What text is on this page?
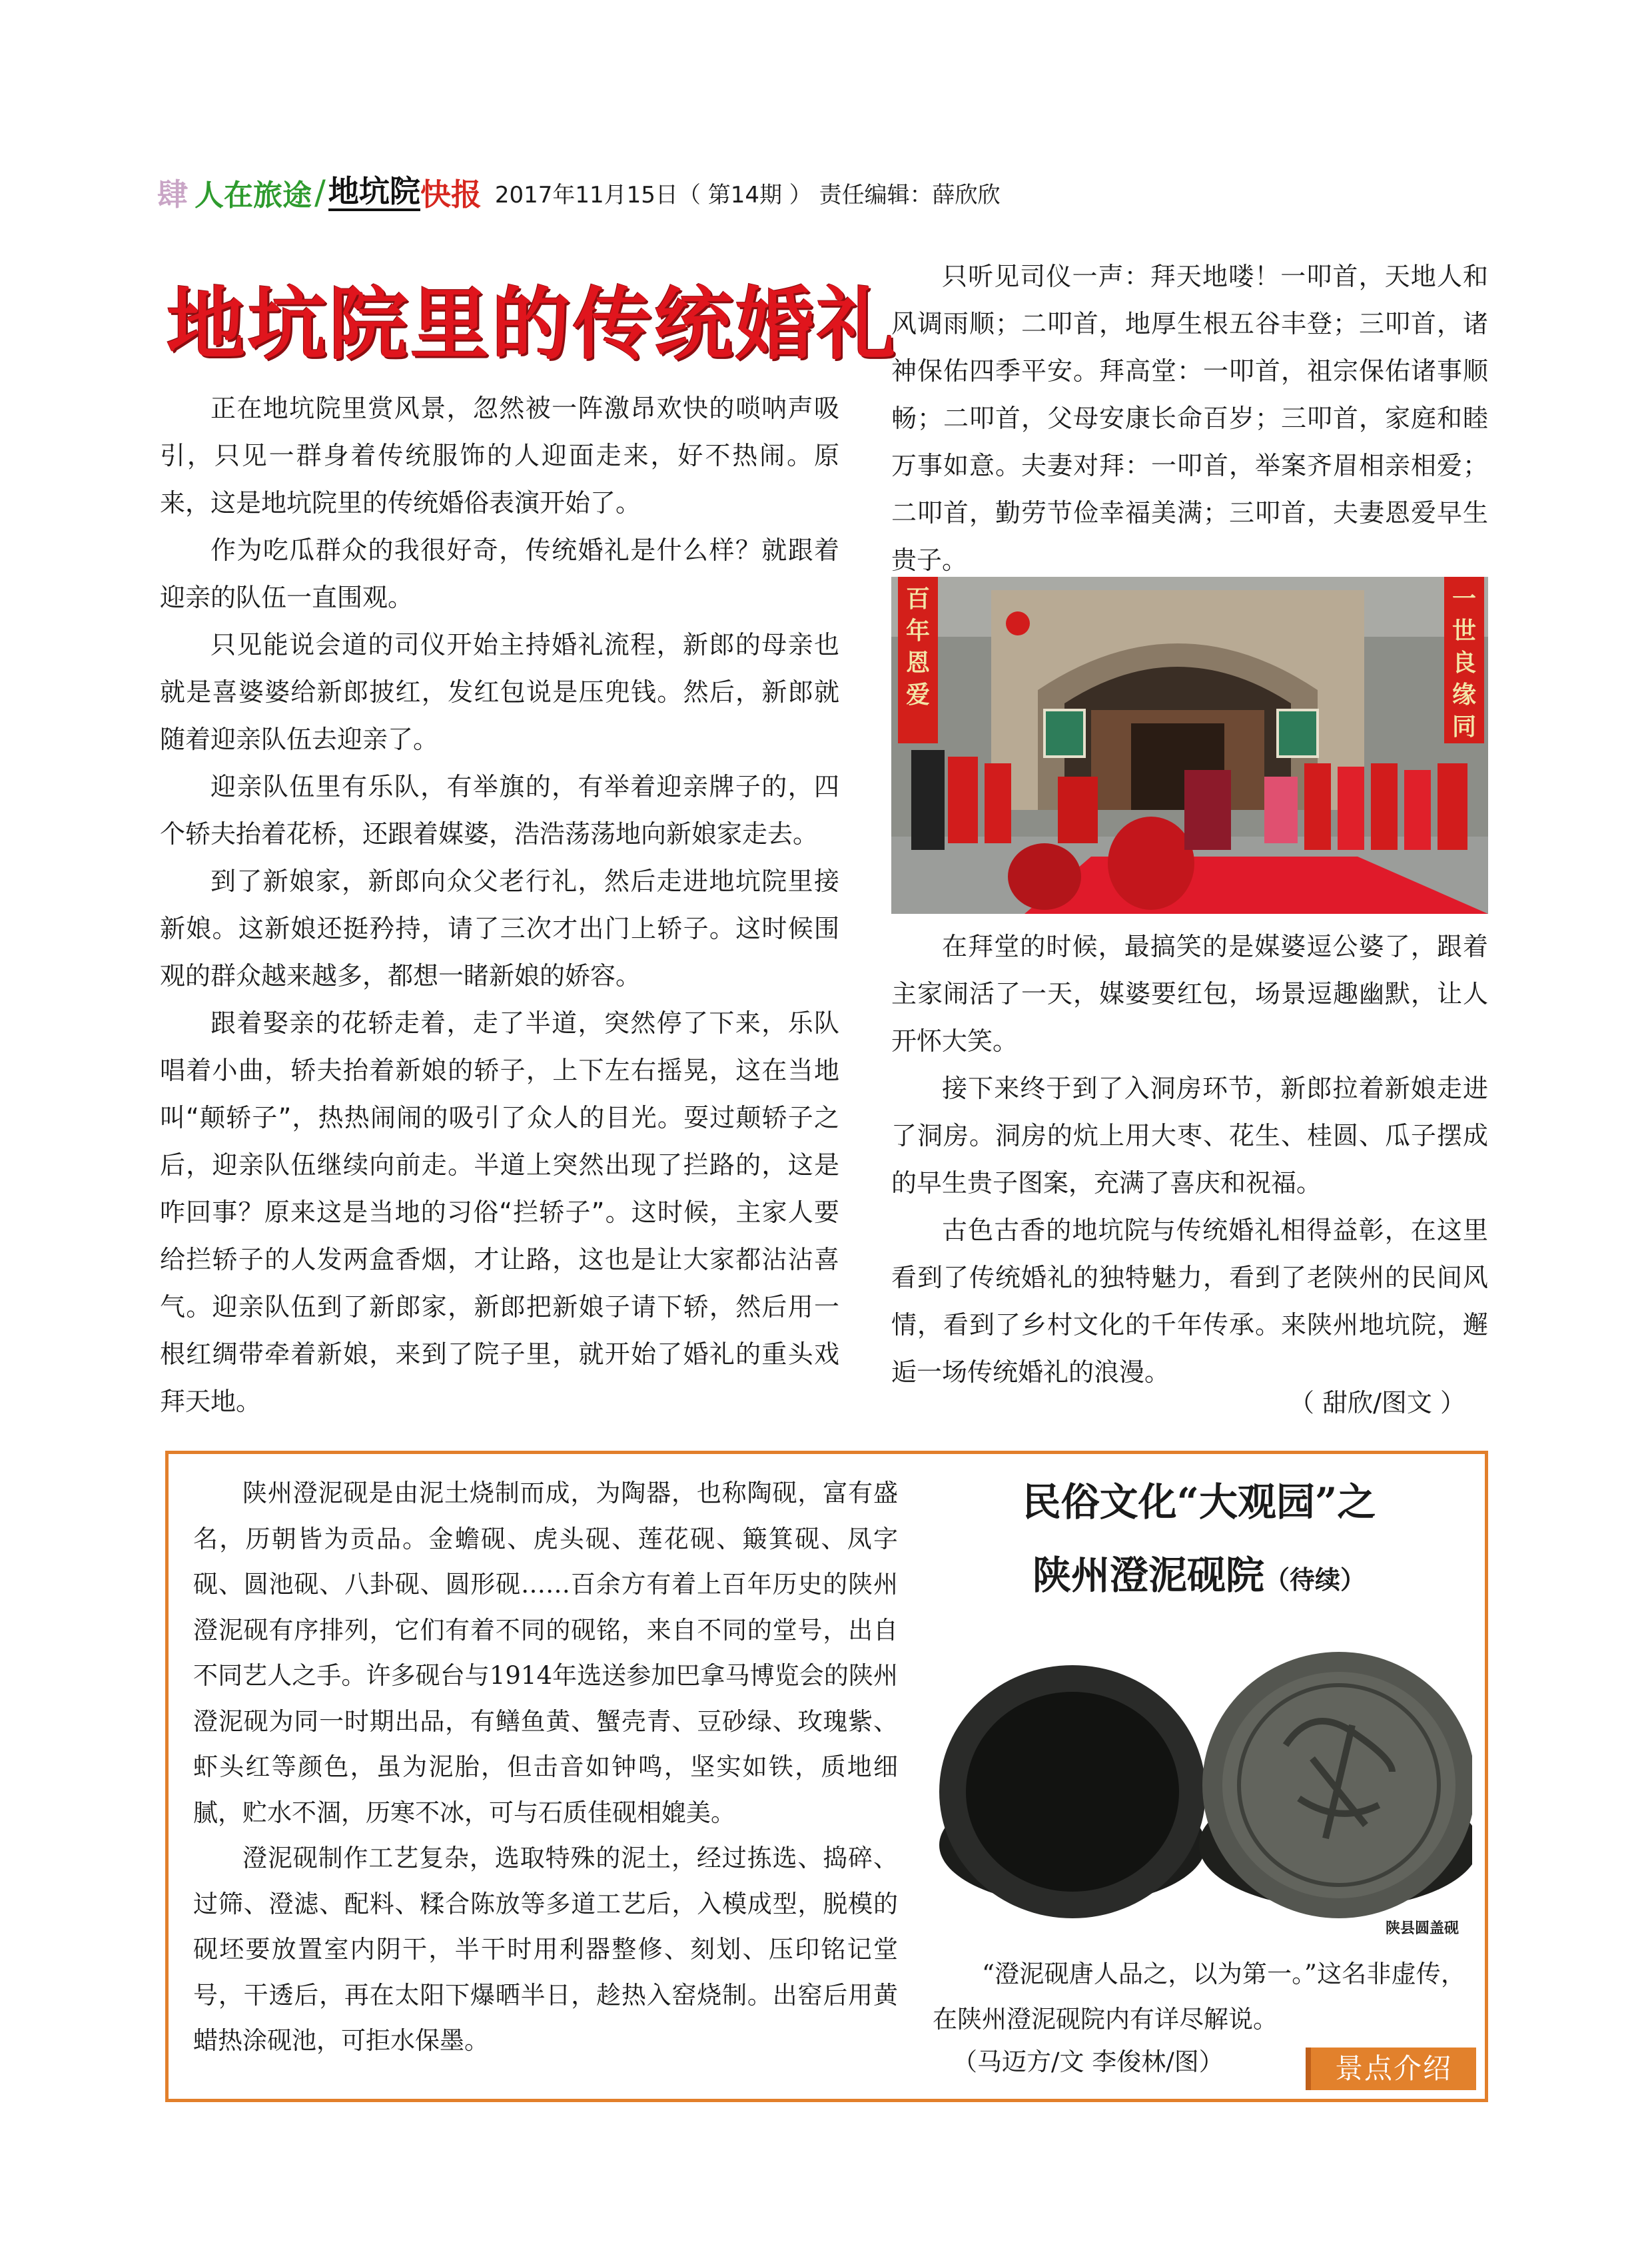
肆 人在旅途 / 地坑院 快报 2017年11月15日（ 第14期 ） 责任编辑：薛欣欣
地坑院里的传统婚礼

正在地坑院里赏风景，忽然被一阵激昂欢快的唢呐声吸引，只见一群身着传统服饰的人迎面走来，好不热闹。原来，这是地坑院里的传统婚俗表演开始了。

作为吃瓜群众的我很好奇，传统婚礼是什么样？就跟着迎亲的队伍一直围观。

只见能说会道的司仪开始主持婚礼流程，新郎的母亲也就是喜婆婆给新郎披红，发红包说是压兜钱。然后，新郎就随着迎亲队伍去迎亲了。

迎亲队伍里有乐队，有举旗的，有举着迎亲牌子的，四个轿夫抬着花桥，还跟着媒婆，浩浩荡荡地向新娘家走去。

到了新娘家，新郎向众父老行礼，然后走进地坑院里接新娘。这新娘还挺矜持，请了三次才出门上轿子。这时候围观的群众越来越多，都想一睹新娘的娇容。

跟着娶亲的花轿走着，走了半道，突然停了下来，乐队唱着小曲，轿夫抬着新娘的轿子，上下左右摇晃，这在当地叫“颠轿子”，热热闹闹的吸引了众人的目光。耍过颠轿子之后，迎亲队伍继续向前走。半道上突然出现了拦路的，这是咋回事？原来这是当地的习俗“拦轿子”。这时候，主家人要给拦轿子的人发两盒香烟，才让路，这也是让大家都沾沾喜气。迎亲队伍到了新郎家，新郎把新娘子请下轿，然后用一根红绸带牵着新娘，来到了院子里，就开始了婚礼的重头戏拜天地。

只听见司仪一声：拜天地喽！一叩首，天地人和风调雨顺；二叩首，地厚生根五谷丰登；三叩首，诸神保佑四季平安。拜高堂：一叩首，祖宗保佑诸事顺畅；二叩首，父母安康长命百岁；三叩首，家庭和睦万事如意。夫妻对拜：一叩首，举案齐眉相亲相爱；二叩首，勤劳节俭幸福美满；三叩首，夫妻恩爱早生贵子。

百年恩爱
一世良缘同

在拜堂的时候，最搞笑的是媒婆逗公婆了，跟着主家闹活了一天，媒婆要红包，场景逗趣幽默，让人开怀大笑。

接下来终于到了入洞房环节，新郎拉着新娘走进了洞房。洞房的炕上用大枣、花生、桂圆、瓜子摆成的早生贵子图案，充满了喜庆和祝福。

古色古香的地坑院与传统婚礼相得益彰，在这里看到了传统婚礼的独特魅力，看到了老陕州的民间风情，看到了乡村文化的千年传承。来陕州地坑院，邂逅一场传统婚礼的浪漫。

（ 甜欣/图文 ）

陕州澄泥砚是由泥土烧制而成，为陶器，也称陶砚，富有盛名，历朝皆为贡品。金蟾砚、虎头砚、莲花砚、簸箕砚、凤字砚、圆池砚、八卦砚、圆形砚……百余方有着上百年历史的陕州澄泥砚有序排列，它们有着不同的砚铭，来自不同的堂号，出自不同艺人之手。许多砚台与1914年选送参加巴拿马博览会的陕州澄泥砚为同一时期出品，有鳝鱼黄、蟹壳青、豆砂绿、玫瑰紫、虾头红等颜色，虽为泥胎，但击音如钟鸣，坚实如铁，质地细腻，贮水不涸，历寒不冰，可与石质佳砚相媲美。

澄泥砚制作工艺复杂，选取特殊的泥土，经过拣选、捣碎、过筛、澄滤、配料、糅合陈放等多道工艺后，入模成型，脱模的砚坯要放置室内阴干，半干时用利器整修、刻划、压印铭记堂号，干透后，再在太阳下爆晒半日，趁热入窑烧制。出窑后用黄蜡热涂砚池，可拒水保墨。

民俗文化“大观园”之
陕州澄泥砚院（待续）
陕县圆盖砚

“澄泥砚唐人品之，以为第一。”这名非虚传，在陕州澄泥砚院内有详尽解说。

（马迈方/文 李俊林/图）	景点介绍
